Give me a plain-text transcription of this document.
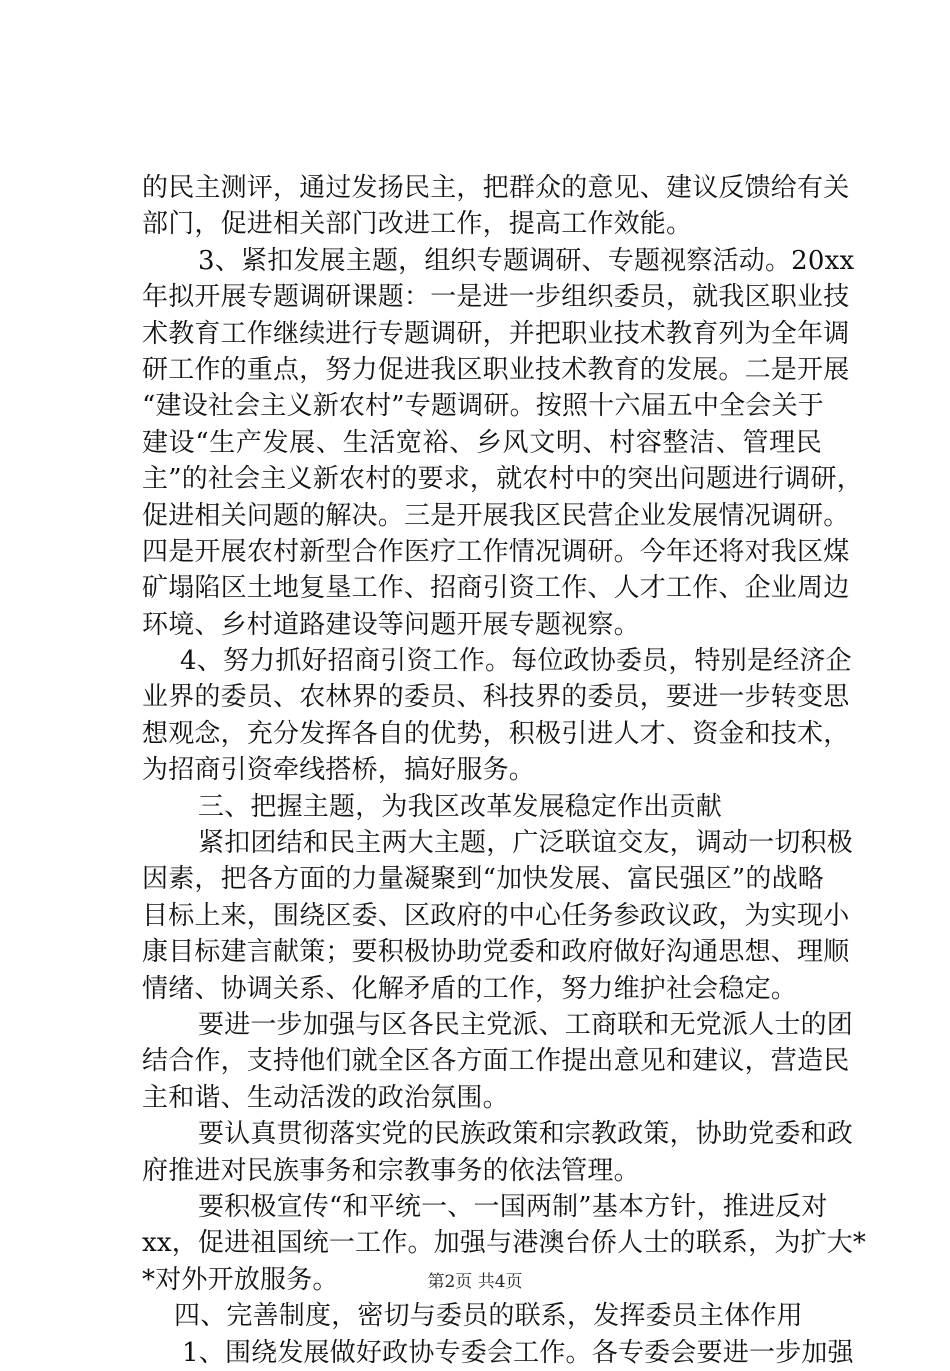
的民主测评，通过发扬民主，把群众的意见、建议反馈给有关
部门，促进相关部门改进工作，提高工作效能。
3、紧扣发展主题，组织专题调研、专题视察活动。20xx
年拟开展专题调研课题：一是进一步组织委员，就我区职业技
术教育工作继续进行专题调研，并把职业技术教育列为全年调
研工作的重点，努力促进我区职业技术教育的发展。二是开展
“建设社会主义新农村”专题调研。按照十六届五中全会关于
建设“生产发展、生活宽裕、乡风文明、村容整洁、管理民
主”的社会主义新农村的要求，就农村中的突出问题进行调研，
促进相关问题的解决。三是开展我区民营企业发展情况调研。
四是开展农村新型合作医疗工作情况调研。今年还将对我区煤
矿塌陷区土地复垦工作、招商引资工作、人才工作、企业周边
环境、乡村道路建设等问题开展专题视察。
4、努力抓好招商引资工作。每位政协委员，特别是经济企
业界的委员、农林界的委员、科技界的委员，要进一步转变思
想观念，充分发挥各自的优势，积极引进人才、资金和技术，
为招商引资牵线搭桥，搞好服务。
三、把握主题，为我区改革发展稳定作出贡献
紧扣团结和民主两大主题，广泛联谊交友，调动一切积极
因素，把各方面的力量凝聚到“加快发展、富民强区”的战略
目标上来，围绕区委、区政府的中心任务参政议政，为实现小
康目标建言献策；要积极协助党委和政府做好沟通思想、理顺
情绪、协调关系、化解矛盾的工作，努力维护社会稳定。
要进一步加强与区各民主党派、工商联和无党派人士的团
结合作，支持他们就全区各方面工作提出意见和建议，营造民
主和谐、生动活泼的政治氛围。
要认真贯彻落实党的民族政策和宗教政策，协助党委和政
府推进对民族事务和宗教事务的依法管理。
要积极宣传“和平统一、一国两制”基本方针，推进反对
xx，促进祖国统一工作。加强与港澳台侨人士的联系，为扩大*
*对外开放服务。
四、完善制度，密切与委员的联系，发挥委员主体作用
1、围绕发展做好政协专委会工作。各专委会要进一步加强
第2页 共4页
